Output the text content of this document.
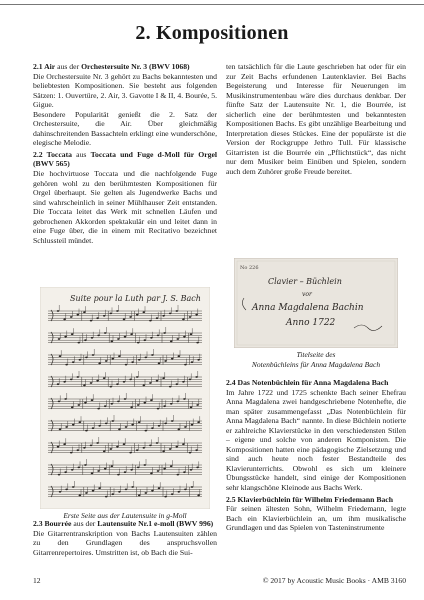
2. Kompositionen

2.1 Air aus der Orchestersuite Nr. 3 (BWV 1068)

Die Orchestersuite Nr. 3 gehört zu Bachs bekanntesten und beliebtesten Kompositionen. Sie besteht aus folgenden Sätzen: 1. Ouvertüre, 2. Air, 3. Gavotte I & II, 4. Bourée, 5. Gigue.

Besondere Popularität genießt die 2. Satz der Orchestersuite, die Air. Über gleichmäßig dahinschreitenden Bassachteln erklingt eine wunderschöne, elegische Melodie.

2.2 Toccata aus Toccata und Fuge d-Moll für Orgel (BWV 565)

Die hochvirtuose Toccata und die nachfolgende Fuge gehören wohl zu den berühmtesten Kompositionen für Orgel überhaupt. Sie gelten als Jugendwerke Bachs und sind wahrscheinlich in seiner Mühlhauser Zeit entstanden. Die Toccata leitet das Werk mit schnellen Läufen und gebrochenen Akkorden spektakulär ein und leitet dann in eine Fuge über, die in einem mit Recitativo bezeichnet Schlussteil mündet.

Suite pour la Luth par J. S. Bach
Erste Seite aus der Lautensuite in g-Moll

2.3 Bourrée aus der Lautensuite Nr.1 e-moll (BWV 996)

Die Gitarrentranskription von Bachs Lautensuiten zählen zu den Grundlagen des anspruchsvollen Gitarrenrepertoires. Umstritten ist, ob Bach die Sui-

ten tatsächlich für die Laute geschrieben hat oder für ein zur Zeit Bachs erfundenen Lautenklavier. Bei Bachs Begeisterung und Interesse für Neuerungen im Musikinstrumentenbau wäre dies durchaus denkbar. Der fünfte Satz der Lautensuite Nr. 1, die Bourrée, ist sicherlich eine der berühmtesten und bekanntesten Kompositionen Bachs. Es gibt unzählige Bearbeitung und Interpretation dieses Stückes. Eine der populärste ist die Version der Rockgruppe Jethro Tull. Für klassische Gitarristen ist die Bourrée ein „Pflichtstück“, das nicht nur dem Musiker beim Einüben und Spielen, sondern auch dem Zuhörer große Freude bereitet.

No 226
Clavier – Büchlein
vor
Anna Magdalena Bachin
Anno 1722
Titelseite des
Notenbüchleins für Anna Magdalena Bach

2.4 Das Notenbüchlein für Anna Magdalena Bach

Im Jahre 1722 und 1725 schenkte Bach seiner Ehefrau Anna Magdalena zwei handgeschriebene Notenhefte, die man später zusammengefasst „Das Notenbüchlein für Anna Magdalena Bach“ nannte. In diese Büchlein notierte er zahlreiche Klavierstücke in den verschiedensten Stilen – eigene und solche von anderen Komponisten. Die Kompositionen hatten eine pädagogische Zielsetzung und sind auch heute noch fester Bestandteile des Klavierunterrichts. Obwohl es sich um kleinere Übungsstücke handelt, sind einige der Kompositionen sehr klangschöne Kleinode aus Bachs Werk.

2.5 Klavierbüchlein für Wilhelm Friedemann Bach

Für seinen ältesten Sohn, Wilhelm Friedemann, legte Bach ein Klavierbüchlein an, um ihm musikalische Grundlagen und das Spielen von Tasteninstrumente

12	© 2017 by Acoustic Music Books · AMB 3160
